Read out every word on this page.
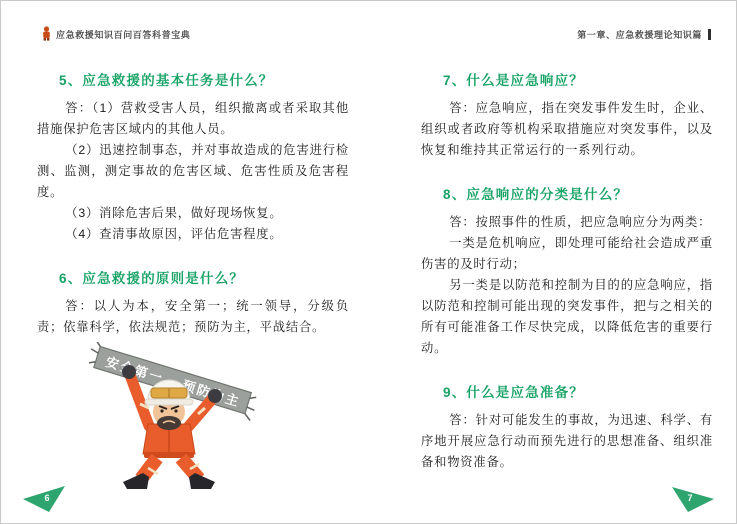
应急救援知识百问百答科普宝典	第一章、应急救援理论知识篇
5、应急救援的基本任务是什么？

答：（1）营救受害人员，组织撤离或者采取其他措施保护危害区域内的其他人员。

（2）迅速控制事态，并对事故造成的危害进行检测、监测，测定事故的危害区域、危害性质及危害程度。

（3）消除危害后果，做好现场恢复。

（4）查清事故原因，评估危害程度。

6、应急救援的原则是什么？

答：以人为本，安全第一；统一领导，分级负责；依靠科学，依法规范；预防为主，平战结合。

7、什么是应急响应？

答：应急响应，指在突发事件发生时，企业、组织或者政府等机构采取措施应对突发事件，以及恢复和维持其正常运行的一系列行动。

8、应急响应的分类是什么？

答：按照事件的性质，把应急响应分为两类：

一类是危机响应，即处理可能给社会造成严重伤害的及时行动；

另一类是以防范和控制为目的的应急响应，指以防范和控制可能出现的突发事件，把与之相关的所有可能准备工作尽快完成，以降低危害的重要行动。

9、什么是应急准备？

答：针对可能发生的事故，为迅速、科学、有序地开展应急行动而预先进行的思想准备、组织准备和物资准备。

6	7
